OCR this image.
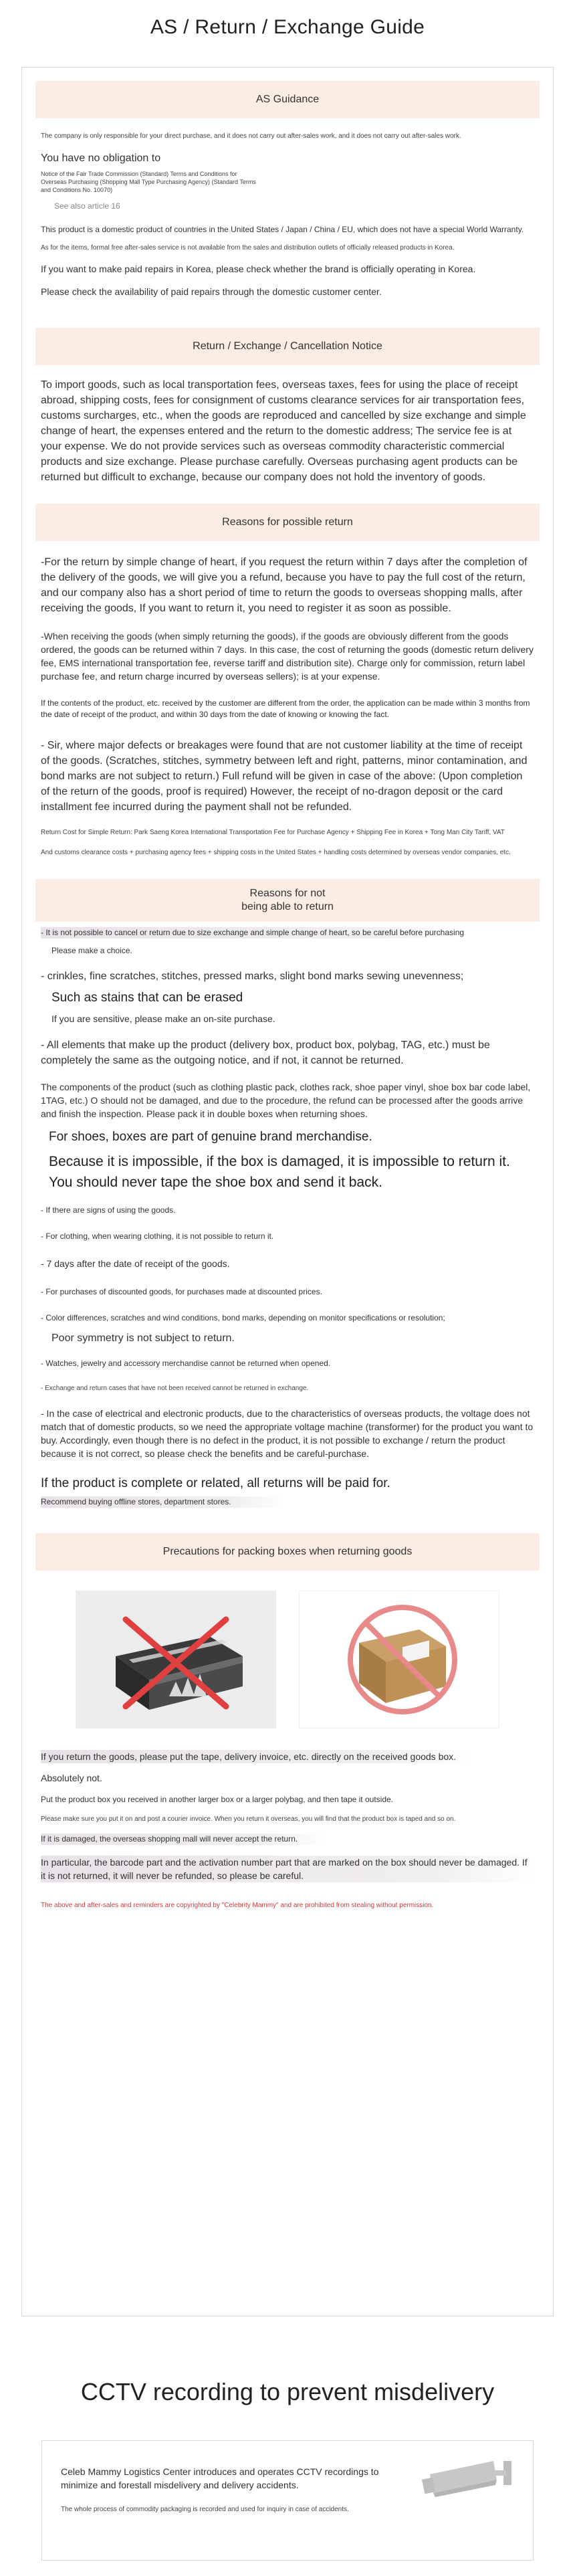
AS / Return / Exchange Guide
AS Guidance
The company is only responsible for your direct purchase, and it does not carry out after-sales work, and it does not carry out after-sales work.
You have no obligation to
Notice of the Fair Trade Commission (Standard) Terms and Conditions for Overseas Purchasing (Shopping Mall Type Purchasing Agency) (Standard Terms and Conditions No. 10070)
See also article 16
This product is a domestic product of countries in the United States / Japan / China / EU, which does not have a special World Warranty.
As for the items, formal free after-sales service is not available from the sales and distribution outlets of officially released products in Korea.
If you want to make paid repairs in Korea, please check whether the brand is officially operating in Korea.
Please check the availability of paid repairs through the domestic customer center.
Return / Exchange / Cancellation Notice
To import goods, such as local transportation fees, overseas taxes, fees for using the place of receipt abroad, shipping costs, fees for consignment of customs clearance services for air transportation fees, customs surcharges, etc., when the goods are reproduced and cancelled by size exchange and simple change of heart, the expenses entered and the return to the domestic address; The service fee is at your expense. We do not provide services such as overseas commodity characteristic commercial products and size exchange. Please purchase carefully. Overseas purchasing agent products can be returned but difficult to exchange, because our company does not hold the inventory of goods.
Reasons for possible return
-For the return by simple change of heart, if you request the return within 7 days after the completion of the delivery of the goods, we will give you a refund, because you have to pay the full cost of the return, and our company also has a short period of time to return the goods to overseas shopping malls, after receiving the goods, If you want to return it, you need to register it as soon as possible.
-When receiving the goods (when simply returning the goods), if the goods are obviously different from the goods ordered, the goods can be returned within 7 days. In this case, the cost of returning the goods (domestic return delivery fee, EMS international transportation fee, reverse tariff and distribution site). Charge only for commission, return label purchase fee, and return charge incurred by overseas sellers); is at your expense.
If the contents of the product, etc. received by the customer are different from the order, the application can be made within 3 months from the date of receipt of the product, and within 30 days from the date of knowing or knowing the fact.
- Sir, where major defects or breakages were found that are not customer liability at the time of receipt of the goods. (Scratches, stitches, symmetry between left and right, patterns, minor contamination, and bond marks are not subject to return.) Full refund will be given in case of the above: (Upon completion of the return of the goods, proof is required) However, the receipt of no-dragon deposit or the card installment fee incurred during the payment shall not be refunded.
Return Cost for Simple Return: Park Saeng Korea International Transportation Fee for Purchase Agency + Shipping Fee in Korea + Tong Man City Tariff, VAT
And customs clearance costs + purchasing agency fees + shipping costs in the United States + handling costs determined by overseas vendor companies, etc.
Reasons for not being able to return
- It is not possible to cancel or return due to size exchange and simple change of heart, so be careful before purchasing
Please make a choice.
- crinkles, fine scratches, stitches, pressed marks, slight bond marks sewing unevenness;
Such as stains that can be erased
If you are sensitive, please make an on-site purchase.
- All elements that make up the product (delivery box, product box, polybag, TAG, etc.) must be completely the same as the outgoing notice, and if not, it cannot be returned.
The components of the product (such as clothing plastic pack, clothes rack, shoe paper vinyl, shoe box bar code label, 1TAG, etc.) O should not be damaged, and due to the procedure, the refund can be processed after the goods arrive and finish the inspection. Please pack it in double boxes when returning shoes.
For shoes, boxes are part of genuine brand merchandise.
Because it is impossible, if the box is damaged, it is impossible to return it. You should never tape the shoe box and send it back.
- If there are signs of using the goods.
- For clothing, when wearing clothing, it is not possible to return it.
- 7 days after the date of receipt of the goods.
- For purchases of discounted goods, for purchases made at discounted prices.
- Color differences, scratches and wind conditions, bond marks, depending on monitor specifications or resolution;
Poor symmetry is not subject to return.
- Watches, jewelry and accessory merchandise cannot be returned when opened.
- Exchange and return cases that have not been received cannot be returned in exchange.
- In the case of electrical and electronic products, due to the characteristics of overseas products, the voltage does not match that of domestic products, so we need the appropriate voltage machine (transformer) for the product you want to buy. Accordingly, even though there is no defect in the product, it is not possible to exchange / return the product because it is not correct, so please check the benefits and be careful-purchase.
If the product is complete or related, all returns will be paid for.
Recommend buying offline stores, department stores.
Precautions for packing boxes when returning goods
If you return the goods, please put the tape, delivery invoice, etc. directly on the received goods box.
Absolutely not.
Put the product box you received in another larger box or a larger polybag, and then tape it outside.
Please make sure you put it on and post a courier invoice. When you return it overseas, you will find that the product box is taped and so on.
If it is damaged, the overseas shopping mall will never accept the return.
In particular, the barcode part and the activation number part that are marked on the box should never be damaged. If it is not returned, it will never be refunded, so please be careful.
The above and after-sales and reminders are copyrighted by "Celebrity Mammy" and are prohibited from stealing without permission.
CCTV recording to prevent misdelivery
Celeb Mammy Logistics Center introduces and operates CCTV recordings to minimize and forestall misdelivery and delivery accidents.
The whole process of commodity packaging is recorded and used for inquiry in case of accidents.
